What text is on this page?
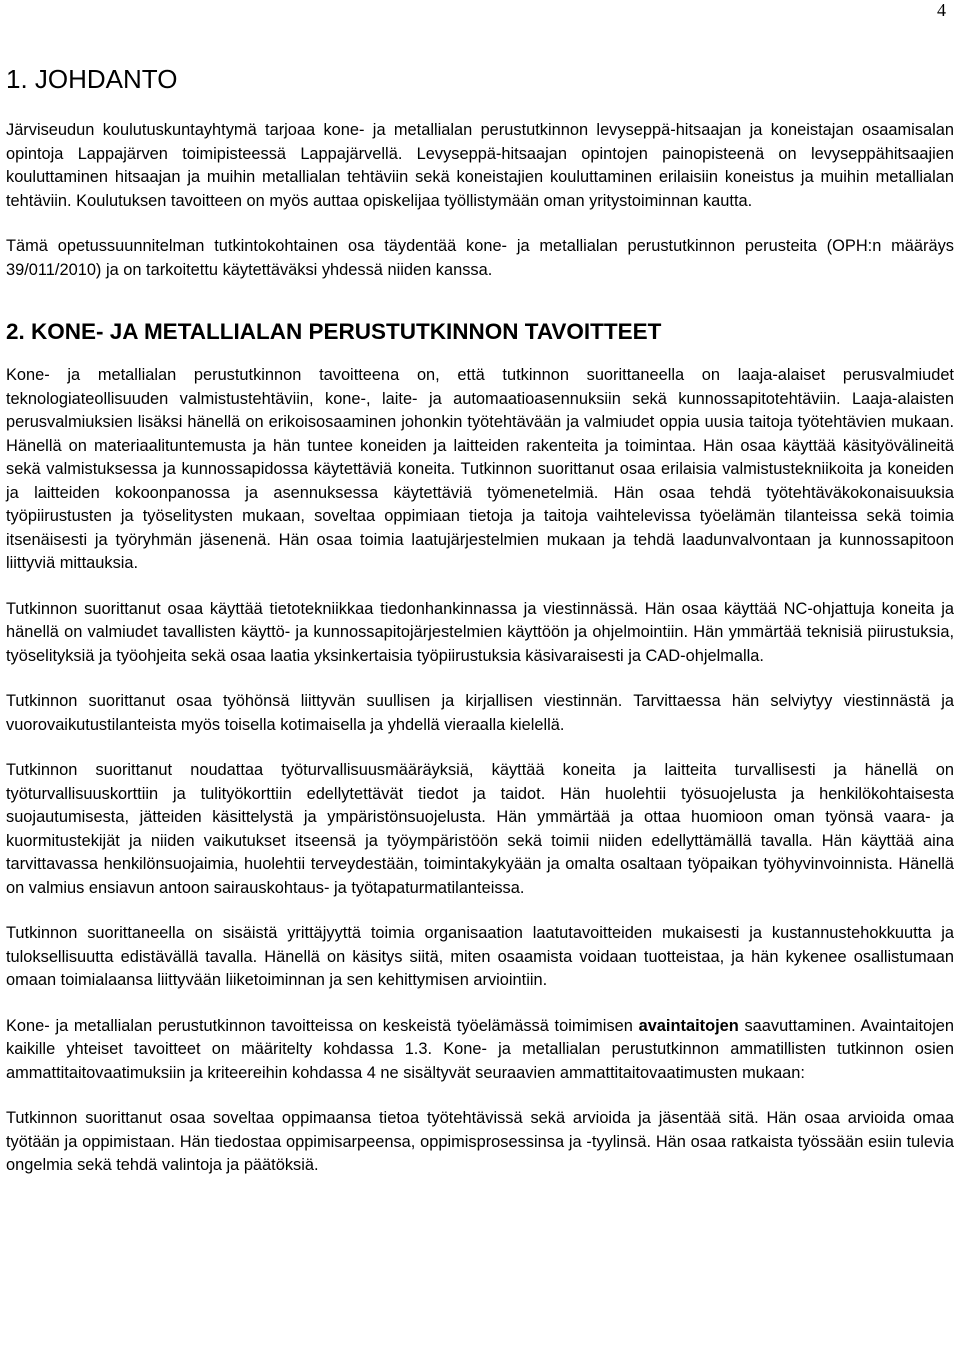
4
1. JOHDANTO

Järviseudun koulutuskuntayhtymä tarjoaa kone- ja metallialan perustutkinnon levyseppä-hitsaajan ja koneistajan osaamisalan opintoja Lappajärven toimipisteessä Lappajärvellä. Levyseppä-hitsaajan opintojen painopisteenä on levyseppähitsaajien kouluttaminen hitsaajan ja muihin metallialan tehtäviin sekä koneistajien kouluttaminen erilaisiin koneistus ja muihin metallialan tehtäviin. Koulutuksen tavoitteen on myös auttaa opiskelijaa työllistymään oman yritystoiminnan kautta.

Tämä opetussuunnitelman tutkintokohtainen osa täydentää kone- ja metallialan perustutkinnon perusteita (OPH:n määräys 39/011/2010) ja on tarkoitettu käytettäväksi yhdessä niiden kanssa.

2. KONE- JA METALLIALAN PERUSTUTKINNON TAVOITTEET

Kone- ja metallialan perustutkinnon tavoitteena on, että tutkinnon suorittaneella on laaja-alaiset perusvalmiudet teknologiateollisuuden valmistustehtäviin, kone-, laite- ja automaatioasennuksiin sekä kunnossapitotehtäviin. Laaja-alaisten perusvalmiuksien lisäksi hänellä on erikoisosaaminen johonkin työtehtävään ja valmiudet oppia uusia taitoja työtehtävien mukaan. Hänellä on materiaalituntemusta ja hän tuntee koneiden ja laitteiden rakenteita ja toimintaa. Hän osaa käyttää käsityövälineitä sekä valmistuksessa ja kunnossapidossa käytettäviä koneita. Tutkinnon suorittanut osaa erilaisia valmistustekniikoita ja koneiden ja laitteiden kokoonpanossa ja asennuksessa käytettäviä työmenetelmiä. Hän osaa tehdä työtehtäväkokonaisuuksia työpiirustusten ja työselitysten mukaan, soveltaa oppimiaan tietoja ja taitoja vaihtelevissa työelämän tilanteissa sekä toimia itsenäisesti ja työryhmän jäsenenä. Hän osaa toimia laatujärjestelmien mukaan ja tehdä laadunvalvontaan ja kunnossapitoon liittyviä mittauksia.

Tutkinnon suorittanut osaa käyttää tietotekniikkaa tiedonhankinnassa ja viestinnässä. Hän osaa käyttää NC-ohjattuja koneita ja hänellä on valmiudet tavallisten käyttö- ja kunnossapitojärjestelmien käyttöön ja ohjelmointiin. Hän ymmärtää teknisiä piirustuksia, työselityksiä ja työohjeita sekä osaa laatia yksinkertaisia työpiirustuksia käsivaraisesti ja CAD-ohjelmalla.

Tutkinnon suorittanut osaa työhönsä liittyvän suullisen ja kirjallisen viestinnän. Tarvittaessa hän selviytyy viestinnästä ja vuorovaikutustilanteista myös toisella kotimaisella ja yhdellä vieraalla kielellä.

Tutkinnon suorittanut noudattaa työturvallisuusmääräyksiä, käyttää koneita ja laitteita turvallisesti ja hänellä on työturvallisuuskorttiin ja tulityökorttiin edellytettävät tiedot ja taidot. Hän huolehtii työsuojelusta ja henkilökohtaisesta suojautumisesta, jätteiden käsittelystä ja ympäristönsuojelusta. Hän ymmärtää ja ottaa huomioon oman työnsä vaara- ja kuormitustekijät ja niiden vaikutukset itseensä ja työympäristöön sekä toimii niiden edellyttämällä tavalla. Hän käyttää aina tarvittavassa henkilönsuojaimia, huolehtii terveydestään, toimintakykyään ja omalta osaltaan työpaikan työhyvinvoinnista. Hänellä on valmius ensiavun antoon sairauskohtaus- ja työtapaturmatilanteissa.

Tutkinnon suorittaneella on sisäistä yrittäjyyttä toimia organisaation laatutavoitteiden mukaisesti ja kustannustehokkuutta ja tuloksellisuutta edistävällä tavalla. Hänellä on käsitys siitä, miten osaamista voidaan tuotteistaa, ja hän kykenee osallistumaan omaan toimialaansa liittyvään liiketoiminnan ja sen kehittymisen arviointiin.

Kone- ja metallialan perustutkinnon tavoitteissa on keskeistä työelämässä toimimisen avaintaitojen saavuttaminen. Avaintaitojen kaikille yhteiset tavoitteet on määritelty kohdassa 1.3. Kone- ja metallialan perustutkinnon ammatillisten tutkinnon osien ammattitaitovaatimuksiin ja kriteereihin kohdassa 4 ne sisältyvät seuraavien ammattitaitovaatimusten mukaan:

Tutkinnon suorittanut osaa soveltaa oppimaansa tietoa työtehtävissä sekä arvioida ja jäsentää sitä. Hän osaa arvioida omaa työtään ja oppimistaan. Hän tiedostaa oppimisarpeensa, oppimisprosessinsa ja -tyylinsä. Hän osaa ratkaista työssään esiin tulevia ongelmia sekä tehdä valintoja ja päätöksiä.
